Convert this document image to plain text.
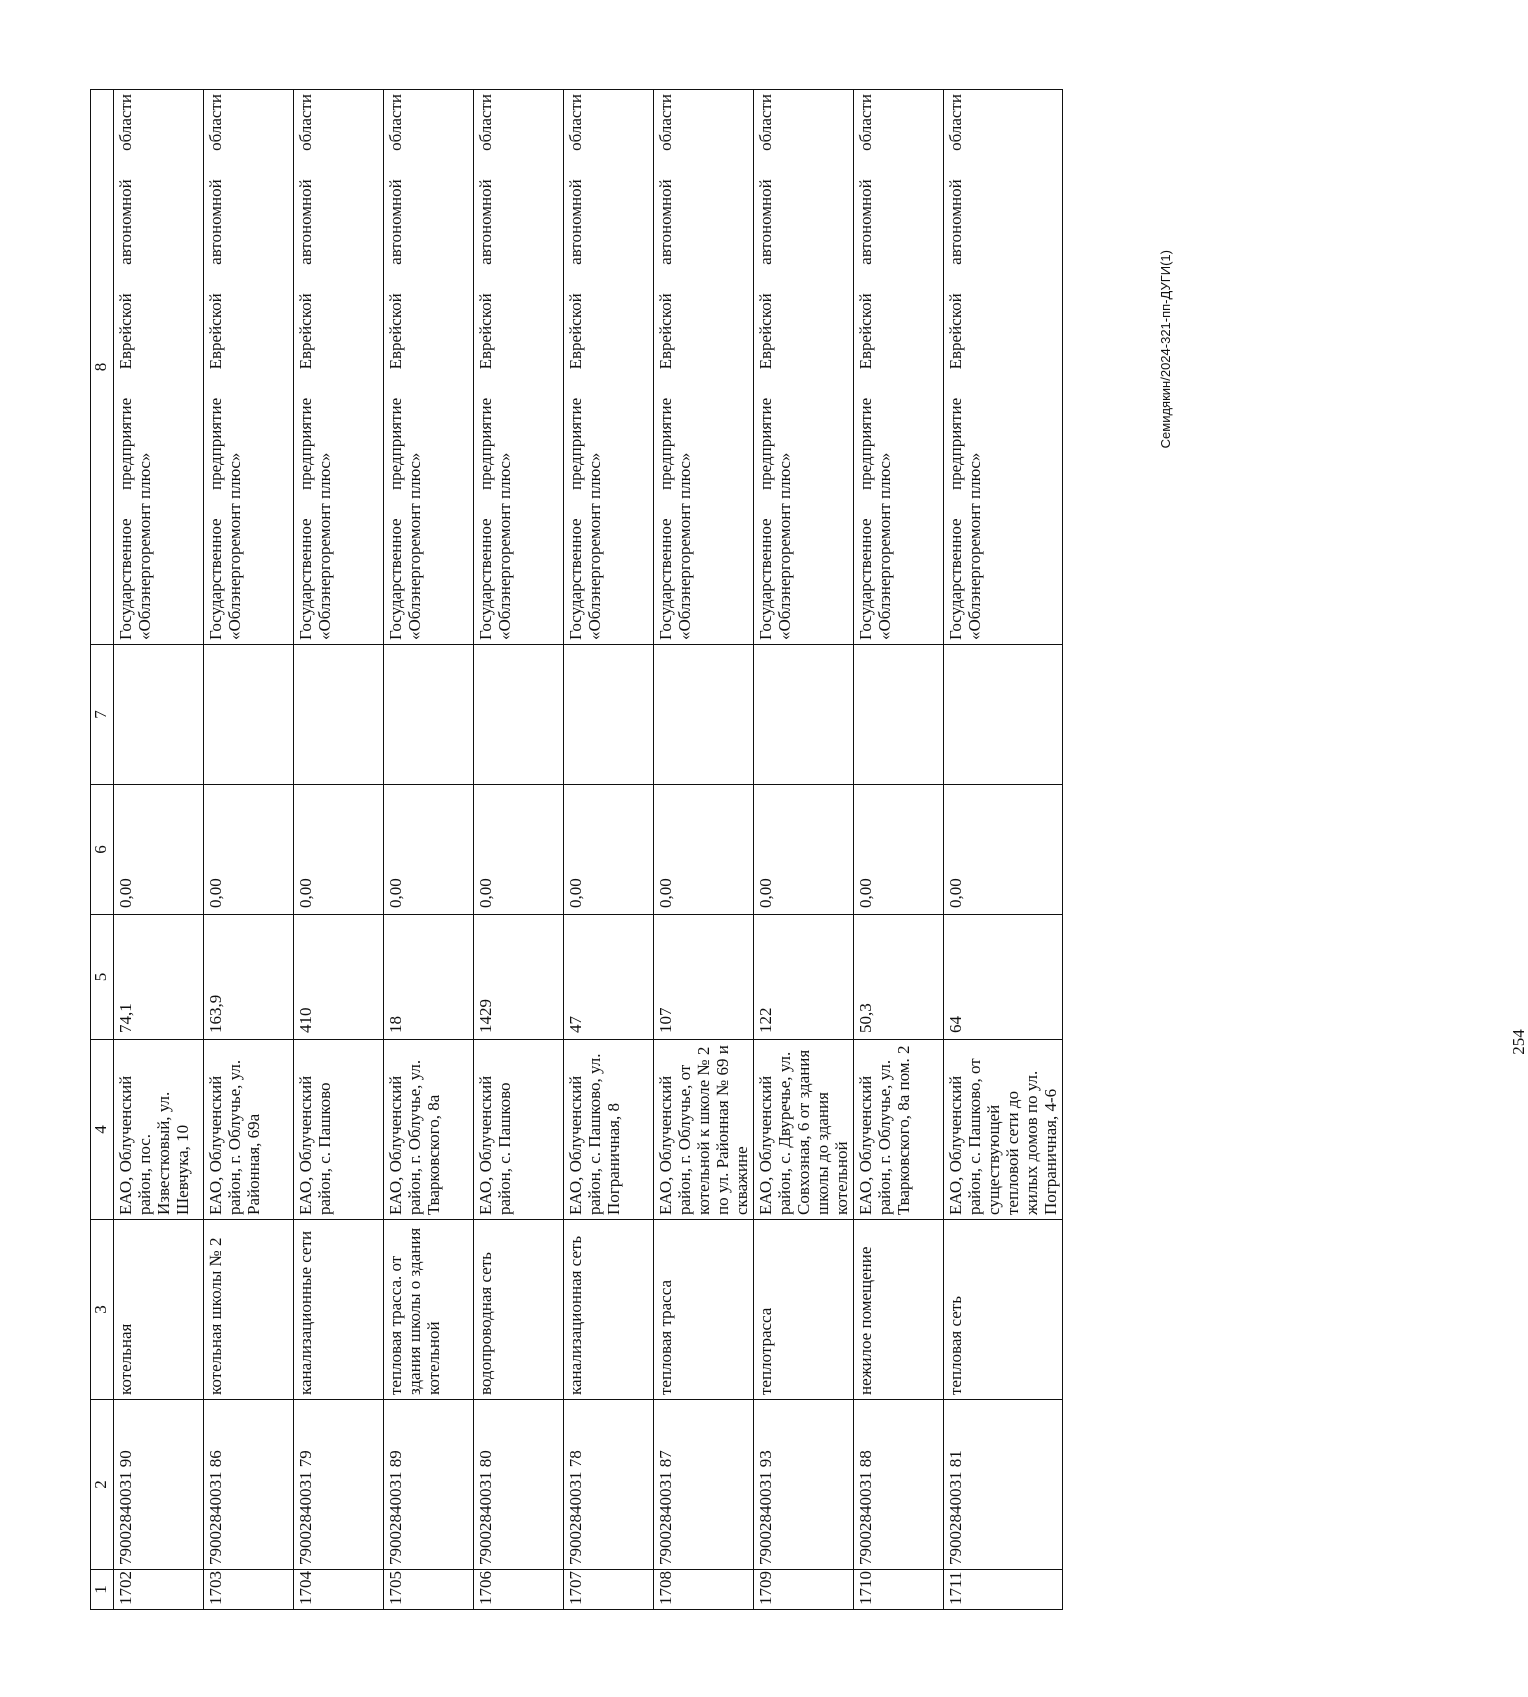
254
1	2	3	4	5	6	7	8
1702	79002840031 90	котельная	ЕАО, Облученский район, пос. Известковый, ул. Шевчука, 10	74,1	0,00		Государственное предприятие Еврейской автономной области «Облэнергоремонт плюс»

1703	79002840031 86	котельная школы № 2	ЕАО, Облученский район, г. Облучье, ул. Районная, 69а	163,9	0,00		Государственное предприятие Еврейской автономной области «Облэнергоремонт плюс»

1704	79002840031 79	канализационные сети	ЕАО, Облученский район, с. Пашково	410	0,00		Государственное предприятие Еврейской автономной области «Облэнергоремонт плюс»

1705	79002840031 89	тепловая трасса. от здания школы о здания котельной	ЕАО, Облученский район, г. Облучье, ул. Тварковского, 8а	18	0,00		Государственное предприятие Еврейской автономной области «Облэнергоремонт плюс»

1706	79002840031 80	водопроводная сеть	ЕАО, Облученский район, с. Пашково	1429	0,00		Государственное предприятие Еврейской автономной области «Облэнергоремонт плюс»

1707	79002840031 78	канализационная сеть	ЕАО, Облученский район, с. Пашково, ул. Пограничная, 8	47	0,00		Государственное предприятие Еврейской автономной области «Облэнергоремонт плюс»

1708	79002840031 87	тепловая трасса	ЕАО, Облученский район, г. Облучье, от котельной к школе № 2 по ул. Районная № 69 и скважине	107	0,00		Государственное предприятие Еврейской автономной области «Облэнергоремонт плюс»

1709	79002840031 93	теплотрасса	ЕАО, Облученский район, с. Двуречье, ул. Совхозная, 6 от здания школы до здания котельной	122	0,00		Государственное предприятие Еврейской автономной области «Облэнергоремонт плюс»

1710	79002840031 88	нежилое помещение	ЕАО, Облученский район, г. Облучье, ул. Тварковского, 8а пом. 2	50,3	0,00		Государственное предприятие Еврейской автономной области «Облэнергоремонт плюс»

1711	79002840031 81	тепловая сеть	ЕАО, Облученский район, с. Пашково, от существующей тепловой сети до жилых домов по ул. Пограничная, 4-6	64	0,00		Государственное предприятие Еврейской автономной области «Облэнергоремонт плюс»
Семидякин/2024-321-пп-ДУГИ(1)
